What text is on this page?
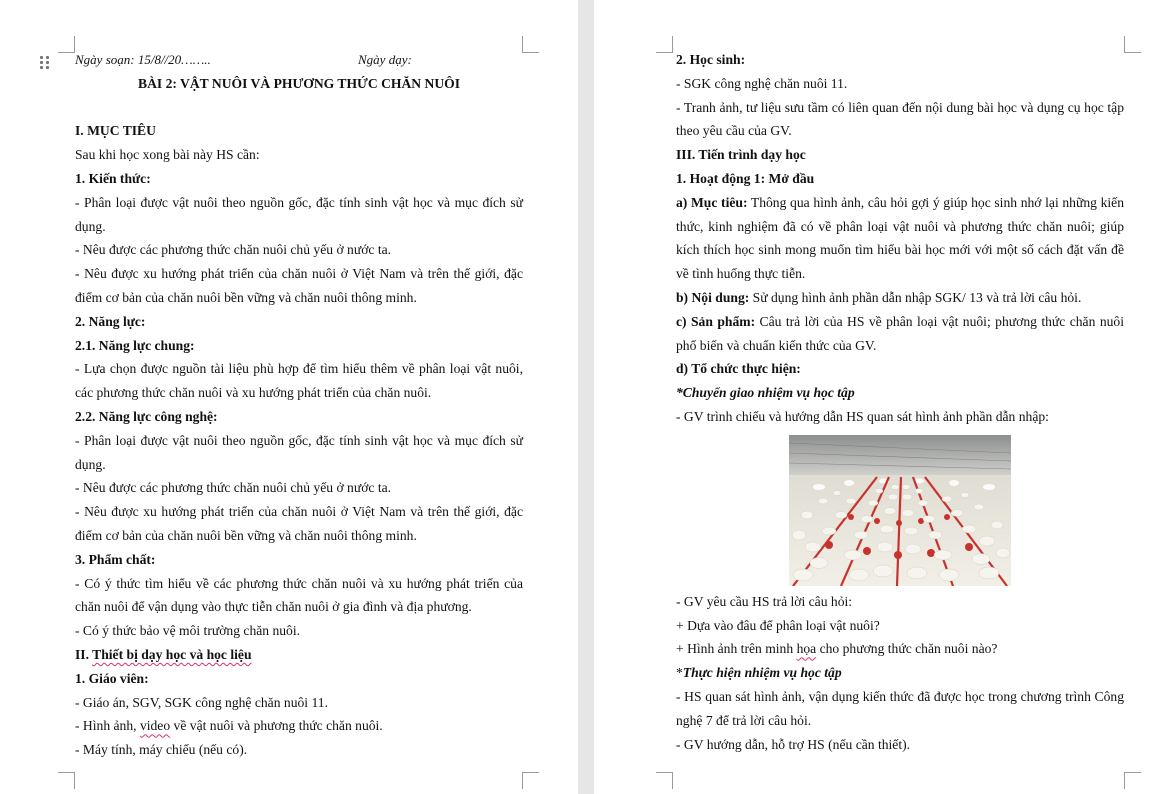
Ngày soạn: 15/8//20……..	Ngày dạy:
BÀI 2: VẬT NUÔI VÀ PHƯƠNG THỨC CHĂN NUÔI
I. MỤC TIÊU
Sau khi học xong bài này HS cần:
1. Kiến thức:
- Phân loại được vật nuôi theo nguồn gốc, đặc tính sinh vật học và mục đích sử dụng.
- Nêu được các phương thức chăn nuôi chủ yếu ở nước ta.
- Nêu được xu hướng phát triển của chăn nuôi ở Việt Nam và trên thế giới, đặc điểm cơ bản của chăn nuôi bền vững và chăn nuôi thông minh.
2. Năng lực:
2.1. Năng lực chung:
- Lựa chọn được nguồn tài liệu phù hợp để tìm hiểu thêm về phân loại vật nuôi, các phương thức chăn nuôi và xu hướng phát triển của chăn nuôi.
2.2. Năng lực công nghệ:
- Phân loại được vật nuôi theo nguồn gốc, đặc tính sinh vật học và mục đích sử dụng.
- Nêu được các phương thức chăn nuôi chủ yếu ở nước ta.
- Nêu được xu hướng phát triển của chăn nuôi ở Việt Nam và trên thế giới, đặc điểm cơ bản của chăn nuôi bền vững và chăn nuôi thông minh.
3. Phẩm chất:
- Có ý thức tìm hiểu về các phương thức chăn nuôi và xu hướng phát triển của chăn nuôi để vận dụng vào thực tiễn chăn nuôi ở gia đình và địa phương.
- Có ý thức bảo vệ môi trường chăn nuôi.
II. Thiết bị dạy học và học liệu
1. Giáo viên:
- Giáo án, SGV, SGK công nghệ chăn nuôi 11.
- Hình ảnh, video về vật nuôi và phương thức chăn nuôi.
- Máy tính, máy chiếu (nếu có).
2. Học sinh:
- SGK công nghệ chăn nuôi 11.
- Tranh ảnh, tư liệu sưu tầm có liên quan đến nội dung bài học và dụng cụ học tập theo yêu cầu của GV.
III. Tiến trình dạy học
1. Hoạt động 1: Mở đầu
a) Mục tiêu: Thông qua hình ảnh, câu hỏi gợi ý giúp học sinh nhớ lại những kiến thức, kinh nghiệm đã có về phân loại vật nuôi và phương thức chăn nuôi; giúp kích thích học sinh mong muốn tìm hiểu bài học mới với một số cách đặt vấn đề về tình huống thực tiễn.
b) Nội dung: Sử dụng hình ảnh phần dẫn nhập SGK/ 13 và trả lời câu hỏi.
c) Sản phẩm: Câu trả lời của HS về phân loại vật nuôi; phương thức chăn nuôi phổ biến và chuẩn kiến thức của GV.
d) Tổ chức thực hiện:
*Chuyển giao nhiệm vụ học tập
- GV trình chiếu và hướng dẫn HS quan sát hình ảnh phần dẫn nhập:
- GV yêu cầu HS trả lời câu hỏi:
+ Dựa vào đâu để phân loại vật nuôi?
+ Hình ảnh trên minh họa cho phương thức chăn nuôi nào?
*Thực hiện nhiệm vụ học tập
- HS quan sát hình ảnh, vận dụng kiến thức đã được học trong chương trình Công nghệ 7 để trả lời câu hỏi.
- GV hướng dẫn, hỗ trợ HS (nếu cần thiết).
